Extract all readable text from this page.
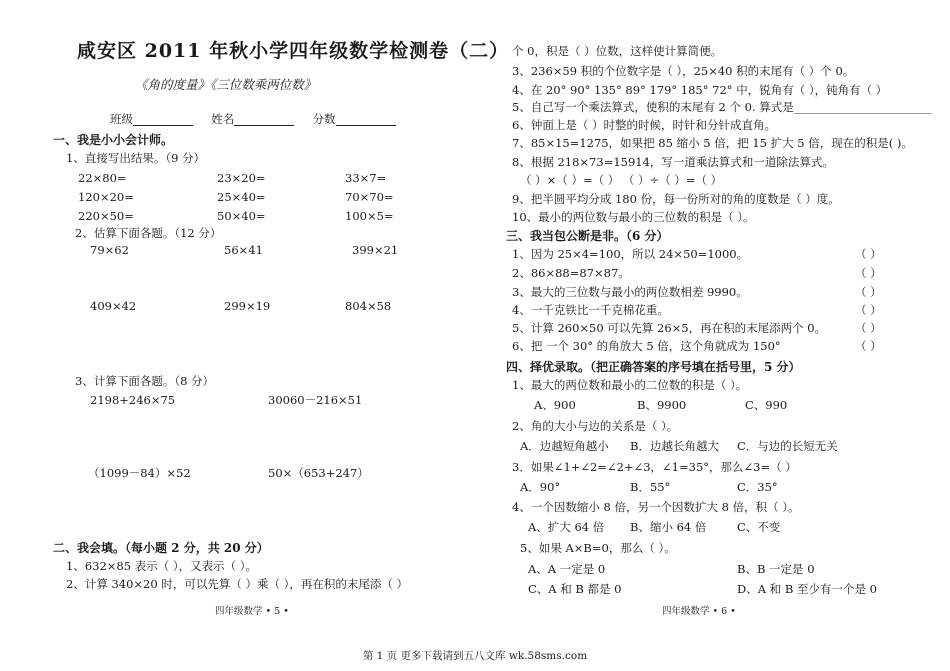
咸安区 2011 年秋小学四年级数学检测卷（二）
《角的度量》《三位数乘两位数》
班级	姓名	分数
一、我是小小会计师。
1、直接写出结果。（9 分）
22×80=	23×20=	33×7=
120×20=	25×40=	70×70=
220×50=	50×40=	100×5=
2、估算下面各题。（12 分）
79×62	56×41	399×21
409×42	299×19	804×58
3、计算下面各题。（8 分）
2198+246×75	30060－216×51
（1099－84）×52	50×（653+247）
二、我会填。（每小题 2 分，共 20 分）
1、632×85 表示（ ），又表示（ ）。
2、计算 340×20 时，可以先算（ ）乘（ ），再在积的末尾添（ ）
四年级数学 • 5 •
个 0，积是（ ）位数，这样使计算简便。
3、236×59 积的个位数字是（ ），25×40 积的末尾有（ ）个 0。
4、在 20° 90° 135° 89° 179° 185° 72° 中，锐角有（ ），钝角有（ ）
5、自己写一个乘法算式，使积的末尾有 2 个 0. 算式是________________________
6、钟面上是（ ）时整的时候，时针和分针成直角。
7、85×15=1275，如果把 85 缩小 5 倍，把 15 扩大 5 倍，现在的积是( )。
8、根据 218×73=15914，写一道乘法算式和一道除法算式。
（ ）×（ ）=（ ） （ ）÷（ ）=（ ）
9、把半圆平均分成 180 份，每一份所对的角的度数是（ ）度。
10、最小的两位数与最小的三位数的积是（ ）。
三、我当包公断是非。（6 分）
1、因为 25×4=100，所以 24×50=1000。	（ ）
2、86×88=87×87。	（ ）
3、最大的三位数与最小的两位数相差 9990。	（ ）
4、一千克铁比一千克棉花重。	（ ）
5、计算 260×50 可以先算 26×5，再在积的末尾添两个 0。	（ ）
6、把 一个 30° 的角放大 5 倍，这个角就成为 150°	（ ）
四、择优录取。（把正确答案的序号填在括号里，5 分）
1、最大的两位数和最小的二位数的积是（ ）。
A、900	B、9900	C、990
2、角的大小与边的关系是（ ）。
A．边越短角越小 B．边越长角越大 C．与边的长短无关
3．如果∠1+∠2=∠2+∠3，∠1=35°，那么∠3=（ ）
A．90°	B．55°	C．35°
4、一个因数缩小 8 倍，另一个因数扩大 8 倍，积（ ）。
A、扩大 64 倍 B、缩小 64 倍	C、不变
5、如果 A×B=0，那么（ ）。
A、A 一定是 0	B、B 一定是 0
C、A 和 B 都是 0	D、A 和 B 至少有一个是 0
四年级数学 • 6 •
第 1 页 更多下载请到五八文库 wk.58sms.com
